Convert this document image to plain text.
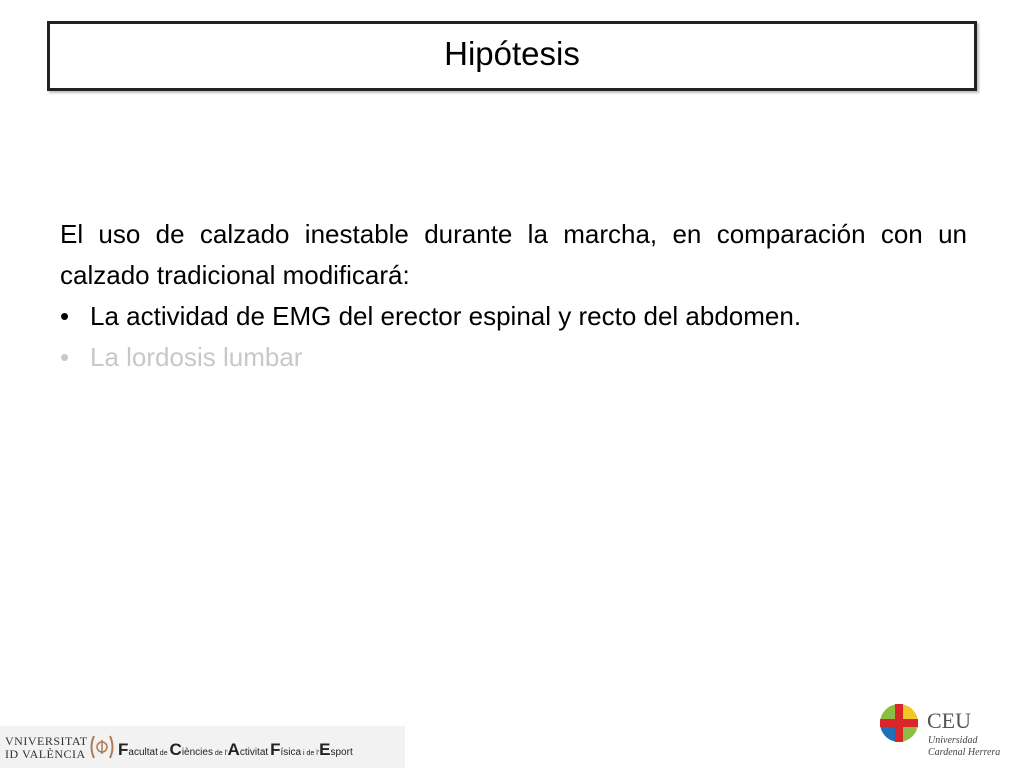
Hipótesis
El uso de calzado inestable durante la marcha, en comparación con un calzado tradicional modificará:
• La actividad de EMG del erector espinal y recto del abdomen.
• La lordosis lumbar
VNIVERSITAT
ID VALÈNCIA Facultat de Ciències de l'Activitat Física i de l'Esport
CEU
Universidad
Cardenal Herrera
